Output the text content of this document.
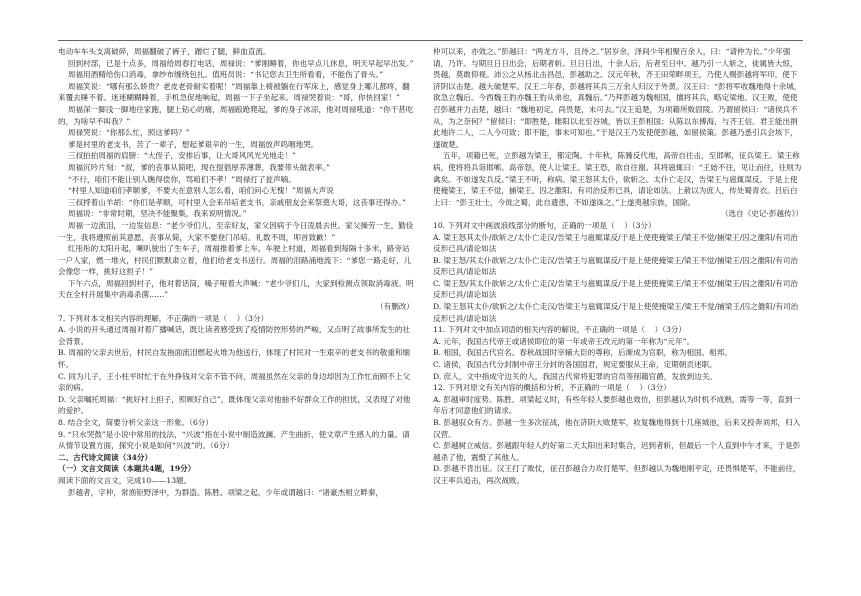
电动车车头支离破碎，周福翻破了裤子，蹭烂了腿，鲜血直流。

回到村部，已是十点多，周福给周春打电话，周禄说：“爹刚睡着，你也早点儿休息，明天早起早出发。”

周福用酒精给伤口消毒，拿纱布缠绕包扎。值班员说：“书记您去卫生所看看，不能伤了骨头。”

周福笑说：“哪有那么娇贵？老皮老骨耐实着呢！”周福靠上椅被躺在行军床上，感觉身上哪儿都疼，翻来覆去睡不着。迷迷糊糊睡着，手机急促地响起，周福一下子坐起来。周禄哭着说：“哥，你快回家！”

周福深一脚浅一脚地往家跑，腿上钻心的痛，周福踉跄爬起，爹的身子冰凉，他对周禄吼道：“你干甚吃的，为啥早不叫我？”

周禄哭说：“你那么忙，照这爹吗？”

爹是村里的老支书，苦了一辈子，想起爹艰辛的一生，周福放声呜咽地哭。

三叔拍拍周福的肩膀：“大侄子，安排后事，让大哥风风光光地走！”

周福沉吟片刻：“叔，爹的丧事从简吧，现在提倡厚养薄葬，我要带头做表率。”

“不行，咱们不能让别人瞧得偿你，骂咱们不孝！”周禄打了瓮声嘀。

“村里人知道咱们孝顺爹，不要大在意别人怎么看，咱们问心无愧！”周福大声说

三叔捋着山羊胡：“你们是孝顺，可村里人会来吊唁老支书，亲戚朋友会来祭奠大哥，这丧事还得办。”

周福说：“非常时期，坚决不能聚集，我来说明情况。”

周福一边流泪，一边发信息：“老少爷们儿，至亲好友，家父因病于今日凌晨去世。家父操劳一生，勤俭一生，我将遵照前其意愿，丧事从简，大家不要登门吊唁。礼数不周，叩首致歉！”

红彤彤的太阳升起，喇叭驶出了生车子，周福推着爹上车。车驶上村道，周福看到每隔十多米，路旁站一户人家，燃一堆火，村民们默默肃立着，他们给老支书送行。周福的泪路涌地流下：“爹您一路走好，儿会像您一样，挑好这担子！”

下午六点，周福回到村子，他对着话筒，嗓子哑着大声喊：“老少爷们儿，大家到检测点领取消毒液。明天在全村开展集中消毒杀菌……”

（有删改）

7. 下列对本文相关内容的理解，不正确的一项是（    ）（3分）

A. 小说的开头通过周福对着广播喊话，既让读者感受到了疫情防控形势的严峻，又点明了故事所发生的社会背景。

B. 周福的父亲去世后，村民自发拖面流泪燃起火堆为他送行，体现了村民对一生艰辛的老支书的敬重和缅怀。

C. 同为儿子，王小柱平时忙于在外挣钱对父亲不管不问，周福虽然在父亲的身边却因为工作忙而顾不上父亲的病。

D. 父亲嘱托周福：“挑好村上担子，照顾好自己”，既体现父亲对他抽不好群众工作的担忧，又表现了对他的爱护。

8. 结合全文，简要分析父亲这一形象。（6分）

9. “只水哭鼓”是小说中常用的技法，“兴波”指在小说中制造波澜、产生曲折，使文章产生感人的力量。请从情节设置方面，探究小说是如何“兴波”的。（6分）

二、古代诗文阅读（34分）

（一）文言文阅读（本题共4题，19分）

阅读下面的文言文，完成10——13题。

彭越者，字仲，常渔钜野泽中，为群盗。陈胜、项梁之起，少年或谓越曰：“诸豪杰相立畔秦，

仲可以来，亦效之。”彭越曰：“两龙方斗，且待之。”居岁余，泽间少年相聚百余人，曰：“请仲为长。”少年强请，乃许。与期旦日日出会，后期者斩。旦日日出，十余人后，后者至日中。越乃引一人斩之，徒属皆大惊，畏越，莫敢仰视。沛公之从杨北击昌邑，彭越助之。汉元年秋，齐王田荣畔项王，乃使人赐彭越将军印，使下济阴以击楚。越大破楚军。汉王二年春，彭越将其兵三万余人归汉于外黄。汉王曰：“彭将军收魏地得十余城，欲急立魏后。今西魏王豹亦魏王豹从弟也，真魏后。”乃拜彭越为魏相国，擅将其兵，略定梁地。汉王败，使使召彭越并力击楚，越曰：“魏地初定，尚畏楚，未可去。”汉王追楚，为项籍所败固陵。乃谓留侯曰：“诸侯兵不从，为之奈何？”留侯曰：“即胜楚，睢阳以北至谷城，皆以王彭相国；从陈以东傅海，与齐王信。君王能出捐此地许二人，二人今可致；即不能，事未可知也。”于是汉王乃发使使彭越，如留侯策。彭越乃悉引兵会垓下，遂破楚。

五年，项籍已死，立彭越为梁王，都定陶。十年秋，陈豨反代地，高帝自往击，至邯郸，征兵梁王。梁王称病，使将将兵诣邯郸。高帝怒，使人让梁王。梁王恐，欲自往谢。其将扈辄曰：“王始不往，见让而往，往则为禽矣。不如遂发兵反。”梁王不听，称病。梁王怒其太仆，欲斩之。太仆亡走汉，告梁王与扈辄谋反。于是上使使掩梁王，梁王不觉，捕梁王，囚之雒阳。有司治反形已具，请论如法。上赦以为庶人，传处蜀青衣。吕后白上曰：“彭王壮士，今徙之蜀，此自遗患，不如遂诛之。”上遂夷越宗族，国除。

（选自《史记·彭越传》）

10. 下列对文中画波浪线部分的断句，正确的一项是（    ）（3分）

A. 梁王怒其太仆/欲斩之/太仆亡走汉/告梁王与扈辄谋反/于是上使使掩梁王/梁王不觉/捕梁王/囚之雒阳/有司治反形已具/请论如法

B. 梁王怒/其太仆欲斩之/太仆亡走汉/告梁王与扈辄谋反/于是上使使掩梁王/梁王不觉/捕梁王/囚之雒阳/有司治反形已具/请论如法

C. 梁王怒/其太仆欲斩之/太仆亡走汉/告梁王与扈辄谋反/于是上使使掩梁王/梁王不觉/捕梁王/囚之雒阳/有司治反形已具/请论如法

D. 梁王怒其太仆/欲斩之/太仆亡走汉/告梁王与扈辄谋反/于是上使使掩梁王/梁王不觉/捕梁王/囚之雒阳/有司治反形已具/请论如法

11. 下列对文中加点词语的相关内容的解说，不正确的一项是（    ）（3分）

A. 元年，我国古代帝王或诸侯即位的第一年或帝王改元的第一年称为“元年”。

B. 相国，我国古代官名。春秋战国时宰辅大臣的尊称，后渐成为官职，称为相国、相邦。

C. 诸侯，我国古代分封制中帝王分封的各国国君，规定要服从王命，定期朝贡述职。

D. 庶人，文中指成守边关的人，我国古代常将犯罪的官员等削籍官爵，发放到边关。

12. 下列对原文有关内容的概括和分析，不正确的一项是（    ）（3分）

A. 彭越审时度势。陈胜、项梁起义时，有些年轻人要彭越也效仿，但彭越认为时机不成熟，需等一等，直到一年后才同意他们的请求。

B. 彭越驭众有方。彭越一生多次征战，他在济阴大败楚军，收复魏地得到十几座城池，后来又投奔刘邦，归入汉营。

C. 彭越树立威信。彭越跟年轻人约好第二天太阳出来时集合，迟到者斩，但最后一个人直到中午才来，于是彭越杀了他，震慑了其他人。

D. 彭越不肯出征。汉王打了败仗，征召彭越合力攻打楚军，但彭越认为魏地刚平定，还畏惧楚军，不能前往，汉王率兵追击，再次战败。
